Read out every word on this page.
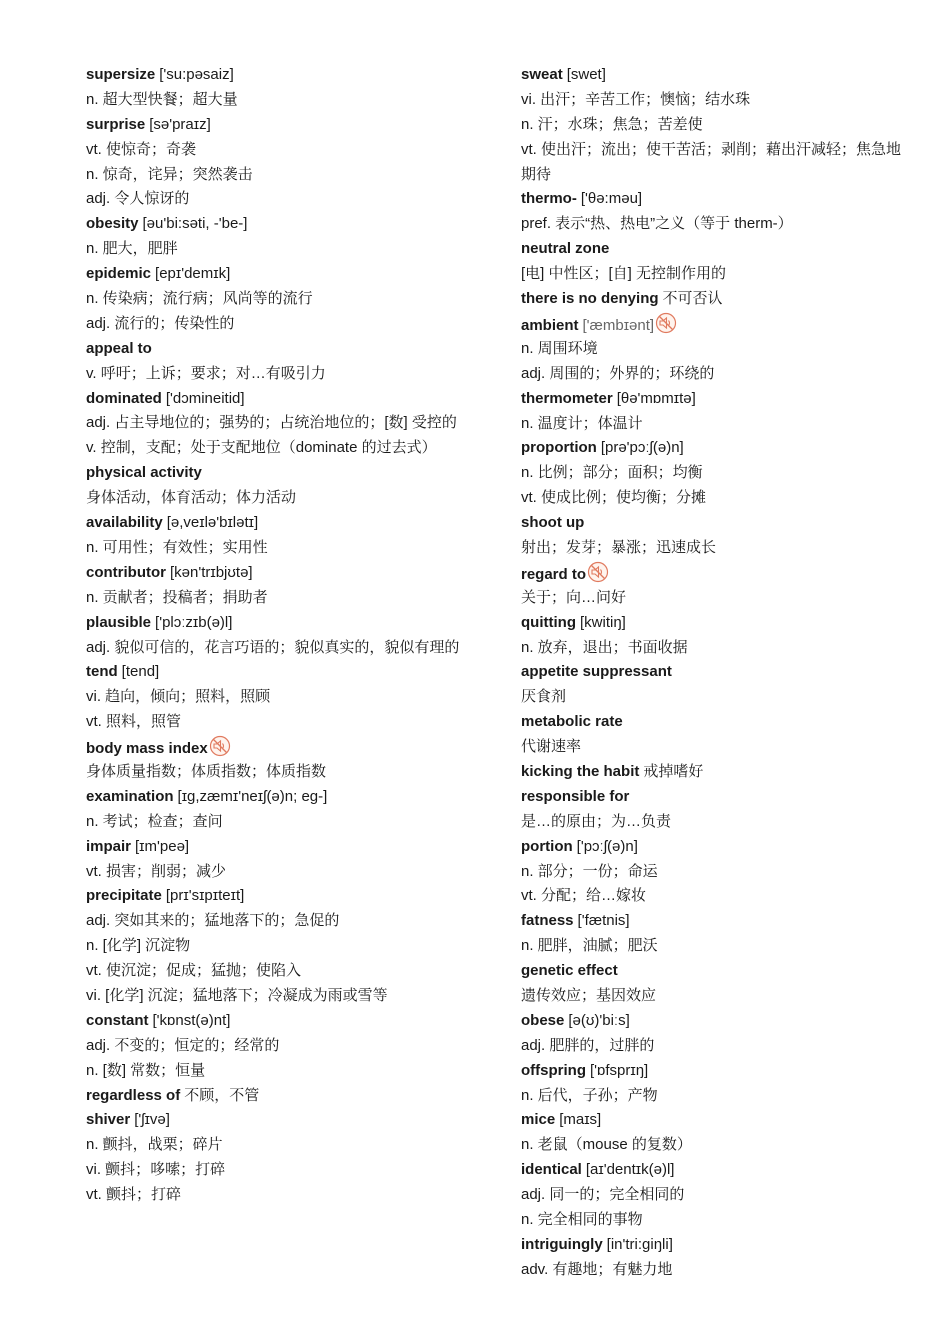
supersize ['su:pəsaiz]
n. 超大型快餐；超大量
surprise [sə'praɪz]
vt. 使惊奇；奇袭
n. 惊奇，诧异；突然袭击
adj. 令人惊讶的
obesity [əu'bi:səti, -'be-]
n. 肥大，肥胖
epidemic [epɪ'demɪk]
n. 传染病；流行病；风尚等的流行
adj. 流行的；传染性的
appeal to
v. 呼吁；上诉；要求；对…有吸引力
dominated ['dɔmineitid]
adj. 占主导地位的；强势的；占统治地位的；[数] 受控的
v. 控制，支配；处于支配地位（dominate 的过去式）
physical activity
身体活动，体育活动；体力活动
availability [ə,veɪlə'bɪlətɪ]
n. 可用性；有效性；实用性
contributor [kən'trɪbjʊtə]
n. 贡献者；投稿者；捐助者
plausible ['plɔːzɪb(ə)l]
adj. 貌似可信的，花言巧语的；貌似真实的，貌似有理的
tend [tend]
vi. 趋向，倾向；照料，照顾
vt. 照料，照管
body mass index
身体质量指数；体质指数；体质指数
examination [ɪg,zæmɪ'neɪʃ(ə)n; eg-]
n. 考试；检查；查问
impair [ɪm'peə]
vt. 损害；削弱；减少
precipitate [prɪ'sɪpɪteɪt]
adj. 突如其来的；猛地落下的；急促的
n. [化学] 沉淀物
vt. 使沉淀；促成；猛抛；使陷入
vi. [化学] 沉淀；猛地落下；冷凝成为雨或雪等
constant ['kɒnst(ə)nt]
adj. 不变的；恒定的；经常的
n. [数] 常数；恒量
regardless of 不顾，不管
shiver ['ʃɪvə]
n. 颤抖，战栗；碎片
vi. 颤抖；哆嗦；打碎
vt. 颤抖；打碎
sweat [swet]
vi. 出汗；辛苦工作；懊恼；结水珠
n. 汗；水珠；焦急；苦差使
vt. 使出汗；流出；使干苦活；剥削；藉出汗减轻；焦急地期待
thermo- ['θə:məu]
pref. 表示“热、热电”之义（等于 therm-）
neutral zone
[电] 中性区；[自] 无控制作用的
there is no denying 不可否认
ambient ['æmbɪənt]
n. 周围环境
adj. 周围的；外界的；环绕的
thermometer [θə'mɒmɪtə]
n. 温度计；体温计
proportion [prə'pɔːʃ(ə)n]
n. 比例；部分；面积；均衡
vt. 使成比例；使均衡；分摊
shoot up
射出；发芽；暴涨；迅速成长
regard to
关于；向…问好
quitting [kwitiŋ]
n. 放弃，退出；书面收据
appetite suppressant
厌食剂
metabolic rate
代谢速率
kicking the habit 戒掉嗜好
responsible for
是…的原由；为…负责
portion ['pɔːʃ(ə)n]
n. 部分；一份；命运
vt. 分配；给…嫁妆
fatness ['fætnis]
n. 肥胖，油腻；肥沃
genetic effect
遗传效应；基因效应
obese [ə(ʊ)'biːs]
adj. 肥胖的，过胖的
offspring ['ɒfsprɪŋ]
n. 后代，子孙；产物
mice [maɪs]
n. 老鼠（mouse 的复数）
identical [aɪ'dentɪk(ə)l]
adj. 同一的；完全相同的
n. 完全相同的事物
intriguingly [in'tri:giŋli]
adv. 有趣地；有魅力地
